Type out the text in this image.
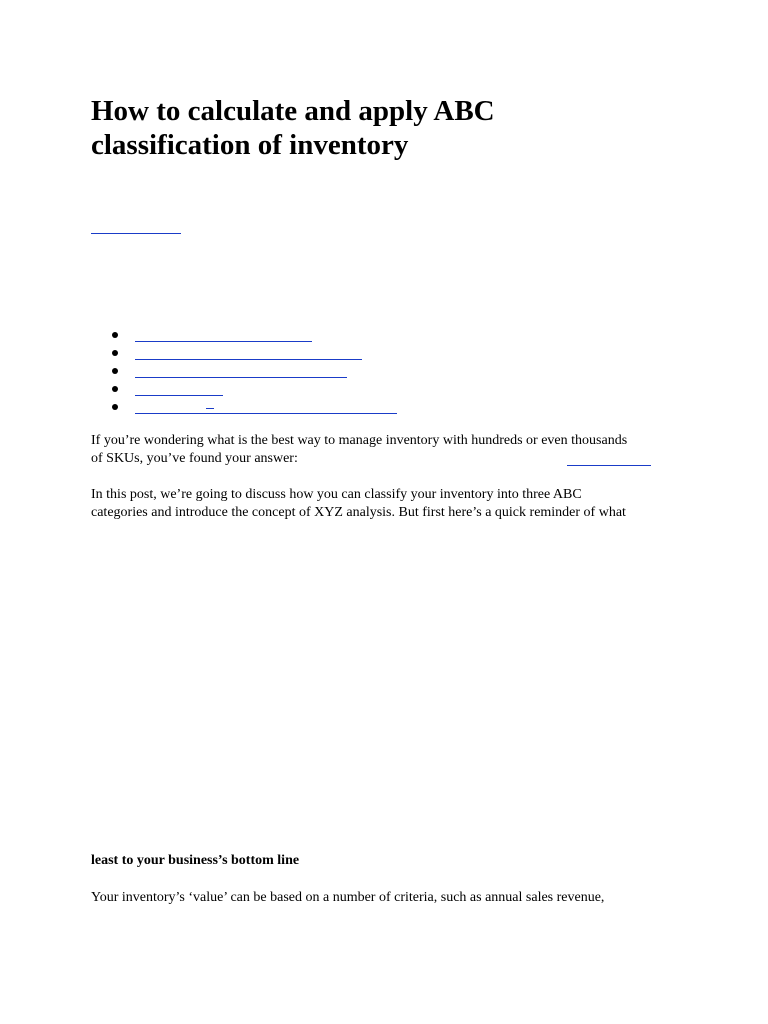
How to calculate and apply ABC
classification of inventory

If you’re wondering what is the best way to manage inventory with hundreds or even thousands
of SKUs, you’ve found your answer:

In this post, we’re going to discuss how you can classify your inventory into three ABC
categories and introduce the concept of XYZ analysis. But first here’s a quick reminder of what

least to your business’s bottom line

Your inventory’s ‘value’ can be based on a number of criteria, such as annual sales revenue,
